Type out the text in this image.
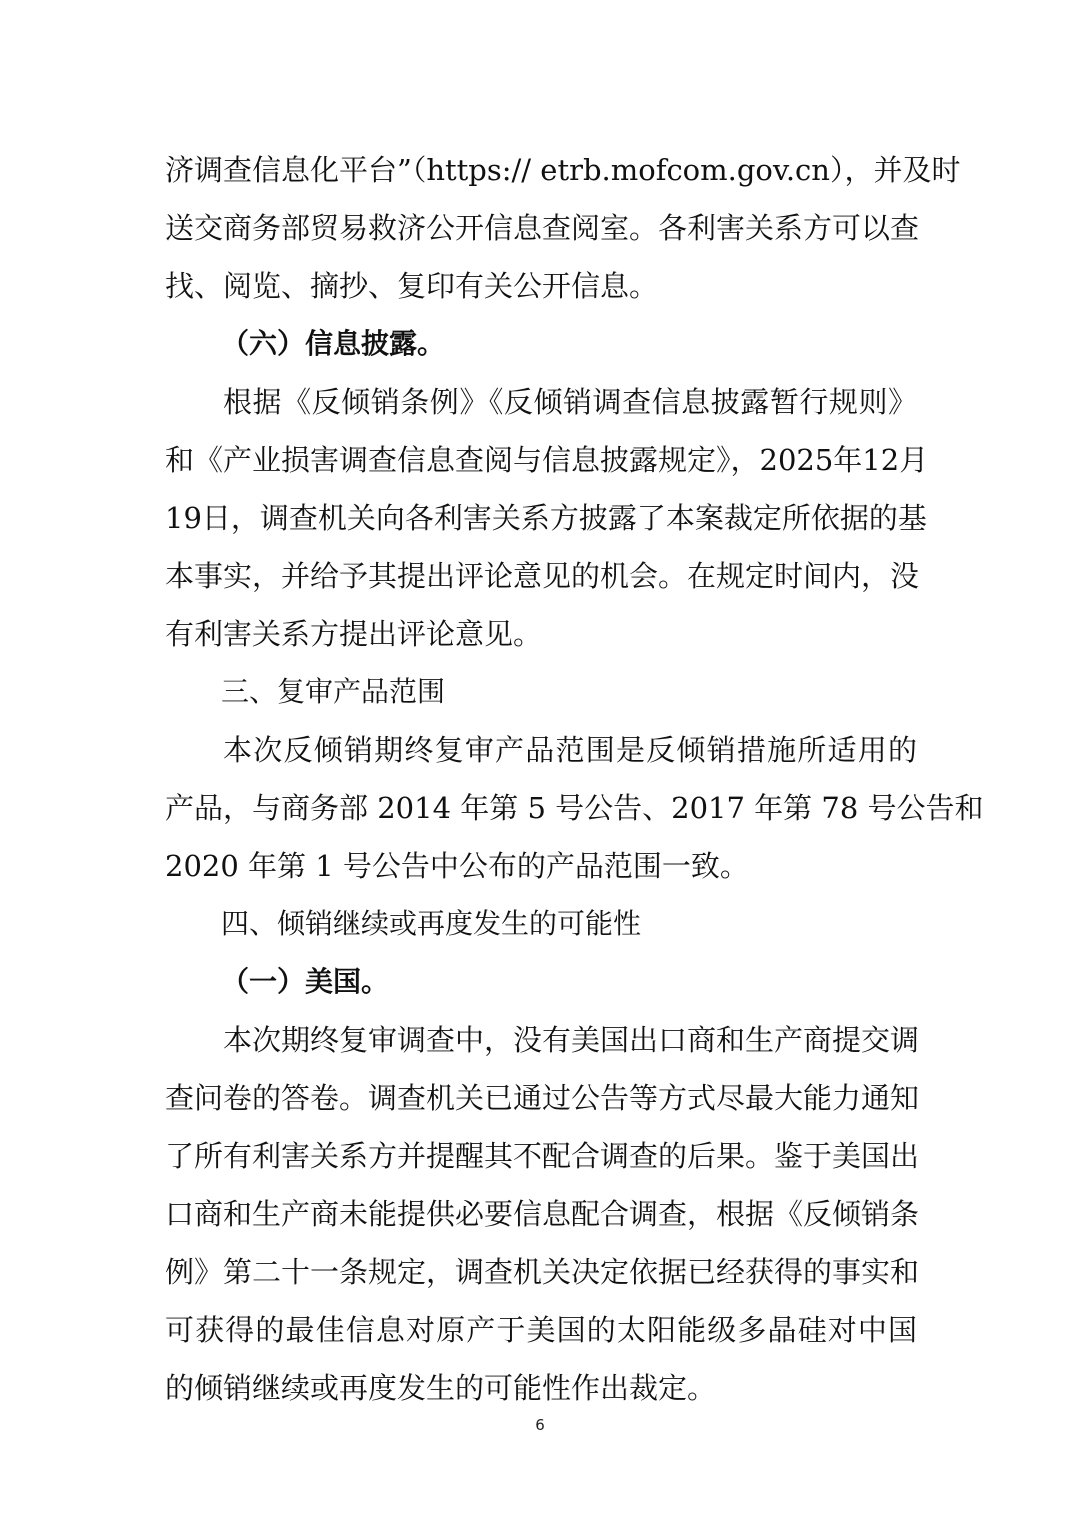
济调查信息化平台”（https:// etrb.mofcom.gov.cn），并及时
送交商务部贸易救济公开信息查阅室。各利害关系方可以查
找、阅览、摘抄、复印有关公开信息。
（六）信息披露。
根据《反倾销条例》《反倾销调查信息披露暂行规则》
和《产业损害调查信息查阅与信息披露规定》，2025年12月
19日，调查机关向各利害关系方披露了本案裁定所依据的基
本事实，并给予其提出评论意见的机会。在规定时间内，没
有利害关系方提出评论意见。
三、复审产品范围
本次反倾销期终复审产品范围是反倾销措施所适用的
产品，与商务部 2014 年第 5 号公告、2017 年第 78 号公告和
2020 年第 1 号公告中公布的产品范围一致。
四、倾销继续或再度发生的可能性
（一）美国。
本次期终复审调查中，没有美国出口商和生产商提交调
查问卷的答卷。调查机关已通过公告等方式尽最大能力通知
了所有利害关系方并提醒其不配合调查的后果。鉴于美国出
口商和生产商未能提供必要信息配合调查，根据《反倾销条
例》第二十一条规定，调查机关决定依据已经获得的事实和
可获得的最佳信息对原产于美国的太阳能级多晶硅对中国
的倾销继续或再度发生的可能性作出裁定。
6
